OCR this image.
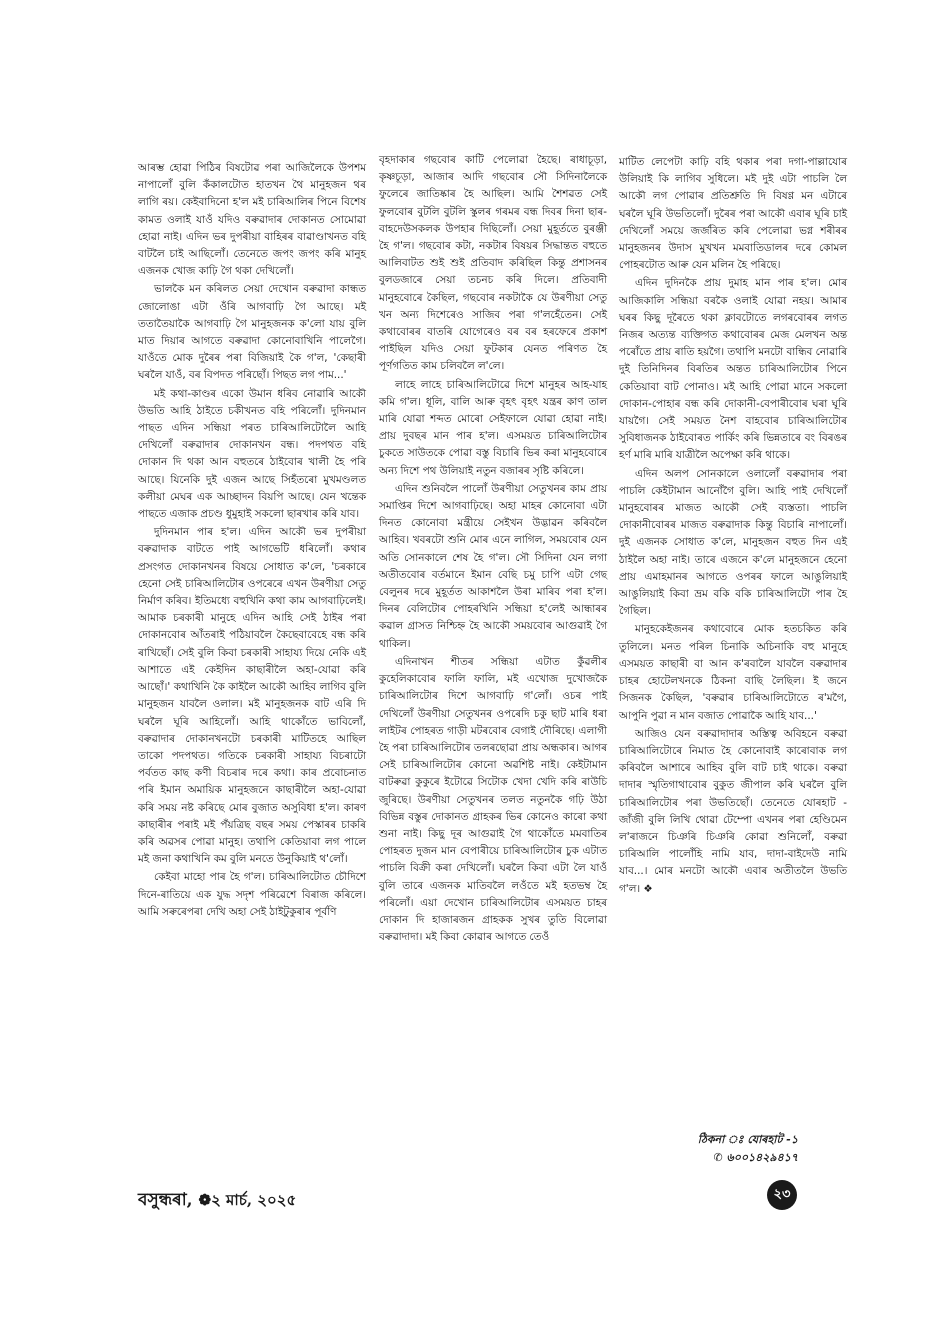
আৰম্ভ হোৱা পিঠিৰ বিষটোৱ পৰা আজিলৈকে উপশম নাপালোঁ বুলি কঁকালটোত হাতখন থৈ মানুহজন থৰ লাগি ৰয়। কেইবাদিনো হ'ল মই চাৰিআলিৰ পিনে বিশেষ কামত ওলাই যাওঁ যদিও বৰুৱাদাৰ দোকানত সোমোৱা হোৱা নাই। এদিন ভৰ দুপৰীয়া বাহিৰৰ বাৱাণ্ডাখনত বহি বাটলৈ চাই আছিলোঁ। তেনেতে জপং জপং কৰি মানুহ এজনক খোজ কাঢ়ি গৈ থকা দেখিলোঁ।

ভালকৈ মন কৰিলত সেয়া দেখোন বৰুৱাদা কান্ধত জোলোঙা এটা ওঁৰি আগবাঢ়ি গৈ আছে। মই ততাতৈয়াকৈ আগবাঢ়ি গৈ মানুহজনক ক'লো যায় বুলি মাত দিয়াৰ আগতে বৰুৱাদা কোনোবাখিনি পালেগৈ। যাওঁতে মোক দুৰৈৰ পৰা বিজিয়াই কৈ গ'ল, 'কেছাৰী ঘৰলৈ যাওঁ, বৰ বিপদত পৰিছোঁ। পিছত লগ পাম...'

মই কথা-কাণ্ডৰ একো উমান ধৰিব নোৱাৰি আকৌ উভতি আহি ঠাইতে চকীখনত বহি পৰিলোঁ। দুদিনমান পাছত এদিন সন্ধিয়া পৰত চাৰিআলিটোলৈ আহি দেখিলোঁ বৰুৱাদাৰ দোকানখন বন্ধ। পদপথত বহি দোকান দি থকা আন বহুতৰে ঠাইবোৰ খালী হৈ পৰি আছে। যিনেকি দুই এজন আছে সিহঁতৰো মুখমণ্ডলত কলীয়া মেঘৰ এক আচ্ছাদন বিয়পি আছে। যেন খন্তেক পাছতে এজাক প্ৰচণ্ড ধুমুহাই সকলো ছাৰখাৰ কৰি যাব।

দুদিনমান পাৰ হ'ল। এদিন আকৌ ভৰ দুপৰীয়া বৰুৱাদাক বাটতে পাই আগভেটি ধৰিলোঁ। কথাৰ প্ৰসংগত দোকানখনৰ বিষয়ে সোধাত ক'লে, 'চৰকাৰে হেনো সেই চাৰিআলিটোৰ ওপৰেৰে এখন উৰণীয়া সেতু নিৰ্মাণ কৰিব। ইতিমধ্যে বহুখিনি কথা কাম আগবাঢ়িলেই। আমাক চৰকাৰী মানুহে এদিন আহি সেই ঠাইৰ পৰা দোকানবোৰ আঁতৰাই পঠিয়াবলৈ কৈছেবাবেহে বন্ধ কৰি ৰাখিছোঁ। সেই বুলি কিবা চৰকাৰী সাহায্য দিয়ে নেকি এই আশাতে এই কেইদিন কাছাৰীলৈ অহা-যোৱা কৰি আছোঁ।' কথাখিনি কৈ কাইলৈ আকৌ আহিব লাগিব বুলি মানুহজন যাবলৈ ওলাল। মই মানুহজনক বাট এৰি দি ঘৰলৈ ঘূৰি আহিলোঁ। আহি থাকোঁতে ভাবিলোঁ, বৰুৱাদাৰ দোকানখনটো চৰকাৰী মাটিতহে আছিল তাকো পদপথত। গতিকে চৰকাৰী সাহায্য বিচৰাটো পৰ্বতত কাছ কণী বিচৰাৰ দৰে কথা। কাৰ প্ৰবোচনাত পৰি ইমান অমায়িক মানুহজনে কাছাৰীলৈ অহা-যোৱা কৰি সময় নষ্ট কৰিছে মোৰ বুজাত অসুবিধা হ'ল। কাৰণ কাছাৰীৰ পৰাই মই পঁয়ত্ৰিছ বছৰ সময় পেস্কাৰৰ চাকৰি কৰি অৱসৰ পোৱা মানুহ। তথাপি কেতিয়াবা লগ পালে মই জনা কথাখিনি কম বুলি মনতে উনুকিয়াই থ'লোঁ।

কেইবা মাহো পাৰ হৈ গ'ল। চাৰিআলিটোত চৌদিশে দিনে-ৰাতিয়ে এক যুদ্ধ সদৃশ পৰিৱেশে বিৰাজ কৰিলে। আমি সৰুৰেপৰা দেখি অহা সেই ঠাইটুকুৰাৰ পূৰ্বণি

বৃহদাকাৰ গছবোৰ কাটি পেলোৱা হৈছে। ৰাধাচূড়া, কৃষ্ণচূড়া, আজাৰ আদি গছবোৰ সৌ সিদিনালৈকে ফুলেৰে জাতিষ্কাৰ হৈ আছিল। আমি শৈশৱত সেই ফুলবোৰ বুটলি বুটলি স্কুলৰ গৰমৰ বন্ধ দিবৰ দিনা ছাৰ-বাহদেউসকলক উপহাৰ দিছিলোঁ। সেয়া মুহূৰ্ততে বুৰঞ্জী হৈ গ'ল। গছবোৰ কটা, নকটাৰ বিষয়ৰ সিদ্ধান্তত বহুতে আলিবাটত শুই শুই প্ৰতিবাদ কৰিছিল কিন্তু প্ৰশাসনৰ বুলডজাৰে সেয়া তচনচ কৰি দিলে। প্ৰতিবাদী মানুহবোৰে কৈছিল, গছবোৰ নকটাকৈ যে উৰণীয়া সেতু খন অন্য দিশেৰেও সাজিব পৰা গ'লহেঁতেন। সেই কথাবোৰৰ বাতৰি যোগেৰেও বৰ বৰ হৰফেৰে প্ৰকাশ পাইছিল যদিও সেয়া ফুটকাৰ যেনত পৰিণত হৈ পূৰ্ণগতিত কাম চলিবলৈ ল'লে।

লাহে লাহে চাৰিআলিটোৱে দিশে মানুহৰ আহ-যাহ কমি গ'ল। ধূলি, বালি আৰু বৃহৎ বৃহৎ যন্ত্ৰৰ কাণ তাল মাৰি যোৱা শব্দত মোৰো সেইফালে যোৱা হোৱা নাই। প্ৰায় দুবছৰ মান পাৰ হ'ল। এসময়ত চাৰিআলিটোৰ চুকতে সাউতকে পোৱা বস্তু বিচাৰি ভিৰ কৰা মানুহবোৰে অন্য দিশে পথ উলিয়াই নতুন বজাৰৰ সৃষ্টি কৰিলে।

এদিন শুনিবলৈ পালোঁ উৰণীয়া সেতুখনৰ কাম প্ৰায় সমাপ্তিৰ দিশে আগবাঢ়িছে। অহা মাহৰ কোনোবা এটা দিনত কোনোবা মন্ত্ৰীয়ে সেইখন উদ্ভাৱন কৰিবলৈ আহিব। খবৰটো শুনি মোৰ এনে লাগিল, সময়বোৰ যেন অতি সোনকালে শেষ হৈ গ'ল। সৌ সিদিনা যেন লগা অতীতবোৰ বৰ্তমানে ইমান বেছি চমু চাপি এটা গেছ বেলুনৰ দৰে মুহূৰ্তত আকাশলৈ উৰা মাৰিব পৰা হ'ল। দিনৰ বেলিটোৰ পোহৰখিনি সন্ধিয়া হ'লেই আন্ধাৰৰ কৱাল গ্ৰাসত নিশ্চিহ্ন হৈ আকৌ সময়বোৰ আগুৱাই গৈ থাকিল।

এদিনাখন শীতৰ সন্ধিয়া এটাত কুঁৱলীৰ কুহেলিকাবোৰ ফালি ফালি, মই এখোজ দুখোজকৈ চাৰিআলিটোৰ দিশে আগবাঢ়ি গ'লোঁ। ওচৰ পাই দেখিলোঁ উৰণীয়া সেতুখনৰ ওপৰেদি চকু ছাট মাৰি ধৰা লাইটৰ পোহৰত গাড়ী মটৰবোৰ বেগাই দৌৰিছে। এলাগী হৈ পৰা চাৰিআলিটোৰ তলৰছোৱা প্ৰায় অন্ধকাৰ। আগৰ সেই চাৰিআলিটোৰ কোনো অৱশিষ্ট নাই। কেইটামান বাটৰুৱা কুকুৰে ইটোৱে সিটোক খেদা খেদি কৰি ৰাউচি জুৰিছে। উৰণীয়া সেতুখনৰ তলত নতুনকৈ গঢ়ি উঠা বিভিন্ন বস্তুৰ দোকানত গ্ৰাহকৰ ভিৰ কোনেও কাৰো কথা শুনা নাই। কিছু দূৰ আগুৱাই গৈ থাকোঁতে মমবাতিৰ পোহৰত দুজন মান বেপাৰীয়ে চাৰিআলিটোৰ চুক এটাত পাচলি বিক্ৰী কৰা দেখিলোঁ। ঘৰলৈ কিবা এটা লৈ যাওঁ বুলি তাৰে এজনক মাতিবলৈ লওঁতে মই হতভম্ব হৈ পৰিলোঁ। এয়া দেখোন চাৰিআলিটোৰ এসময়ত চাহৰ দোকান দি হাজাৰজন গ্ৰাহকক সুখৰ তুতি বিলোৱা বৰুৱাদাদা। মই কিবা কোৱাৰ আগতে তেওঁ

মাটিত লেপেটা কাঢ়ি বহি থকাৰ পৰা দগা-পাল্লাযোৰ উলিয়াই কি লাগিব সুধিলে। মই দুই এটা পাচলি লৈ আকৌ লগ পোৱাৰ প্ৰতিশ্ৰুতি দি বিষণ্ণ মন এটাৰে ঘৰলৈ ঘূৰি উভতিলোঁ। দুৰৈৰ পৰা আকৌ এবাৰ ঘূৰি চাই দেখিলোঁ সময়ে জৰ্জৰিত কৰি পেলোৱা ভগ্ন শৰীৰৰ মানুহজনৰ উদাস মুখখন মমবাতিডালৰ দৰে কোমল পোহৰটোত আৰু যেন মলিন হৈ পৰিছে।

এদিন দুদিনকৈ প্ৰায় দুমাহ মান পাৰ হ'ল। মোৰ আজিকালি সন্ধিয়া বৰকৈ ওলাই যোৱা নহয়। আমাৰ ঘৰৰ কিছু দূৰৈতে থকা ক্লাবটোতে লগৰবোৰৰ লগত নিজৰ অত্যন্ত ব্যক্তিগত কথাবোৰৰ মেজ মেলখন অন্ত পৰোঁতে প্ৰায় ৰাতি হয়গৈ। তথাপি মনটো বান্ধিব নোৱাৰি দুই তিনিদিনৰ বিৰতিৰ অন্তত চাৰিআলিটোৰ পিনে কেতিয়াবা বাট পোনাও। মই আহি পোৱা মানে সকলো দোকান-পোহাৰ বন্ধ কৰি দোকানী-বেপাৰীবোৰ ঘৰা ঘূৰি যায়গৈ। সেই সময়ত নৈশ বাহবোৰ চাৰিআলিটোৰ সুবিধাজনক ঠাইবোৰত পাৰ্কিং কৰি ভিন্নতাৰে বং বিৰঙৰ হৰ্ণ মাৰি মাৰি যাত্ৰীলৈ অপেক্ষা কৰি থাকে।

এদিন অলপ সোনকালে ওলালোঁ বৰুৱাদাৰ পৰা পাচলি কেইটামান আনোঁগৈ বুলি। আহি পাই দেখিলোঁ মানুহবোৰৰ মাজত আকৌ সেই ব্যস্ততা। পাচলি দোকানীবোৰৰ মাজত বৰুৱাদাক কিন্তু বিচাৰি নাপালোঁ। দুই এজনক সোধাত ক'লে, মানুহজন বহুত দিন এই ঠাইলৈ অহা নাই। তাৰে এজনে ক'লে মানুহজনে হেনো প্ৰায় এমাহমানৰ আগতে ওপৰৰ ফালে আঙুলিয়াই আঙুলিয়াই কিবা ভ্ৰম বকি বকি চাৰিআলিটো পাৰ হৈ গৈছিল।

মানুহকেইজনৰ কথাবোৰে মোক হতচকিত কৰি তুলিলে। মনত পৰিল চিনাকি অচিনাকি বহু মানুহে এসময়ত কাছাৰী বা আন ক'ৰবালৈ যাবলৈ বৰুৱাদাৰ চাহৰ হোটেলখনকে ঠিকনা বাছি লৈছিল। ই জনে সিজনক কৈছিল, 'বৰুৱাৰ চাৰিআলিটোতে ৰ'মগৈ, আপুনি পুৱা ন মান বজাত পোৱাকৈ আহি যাব...'

আজিও যেন বৰুৱাদাদাৰ অস্তিত্ব অবিহনে বৰুৱা চাৰিআলিটোৰে নিমাত হৈ কোনোবাই কাৰোবাক লগ কৰিবলৈ আশাৰে আহিব বুলি বাট চাই থাকে। বৰুৱা দাদাৰ স্মৃতিগাথাবোৰ বুকুত জীপাল কৰি ঘৰলৈ বুলি চাৰিআলিটোৰ পৰা উভতিছোঁ। তেনেতে যোৰহাট - জাঁজী বুলি লিখি থোৱা টেম্পো এখনৰ পৰা হেণ্ডিমেন ল'ৰাজনে চিঞৰি চিঞৰি কোৱা শুনিলোঁ, বৰুৱা চাৰিআলি পালোঁহি নামি যাব, দাদা-বাইদেউ নামি যাব...। মোৰ মনটো আকৌ এবাৰ অতীতলৈ উভতি গ'ল। ❖

ঠিকনা ঃ যোৰহাট -১
✆ ৬০০১৪২৯৪১৭
বসুন্ধৰা, ❁২ মাৰ্চ, ২০২৫	২৩
